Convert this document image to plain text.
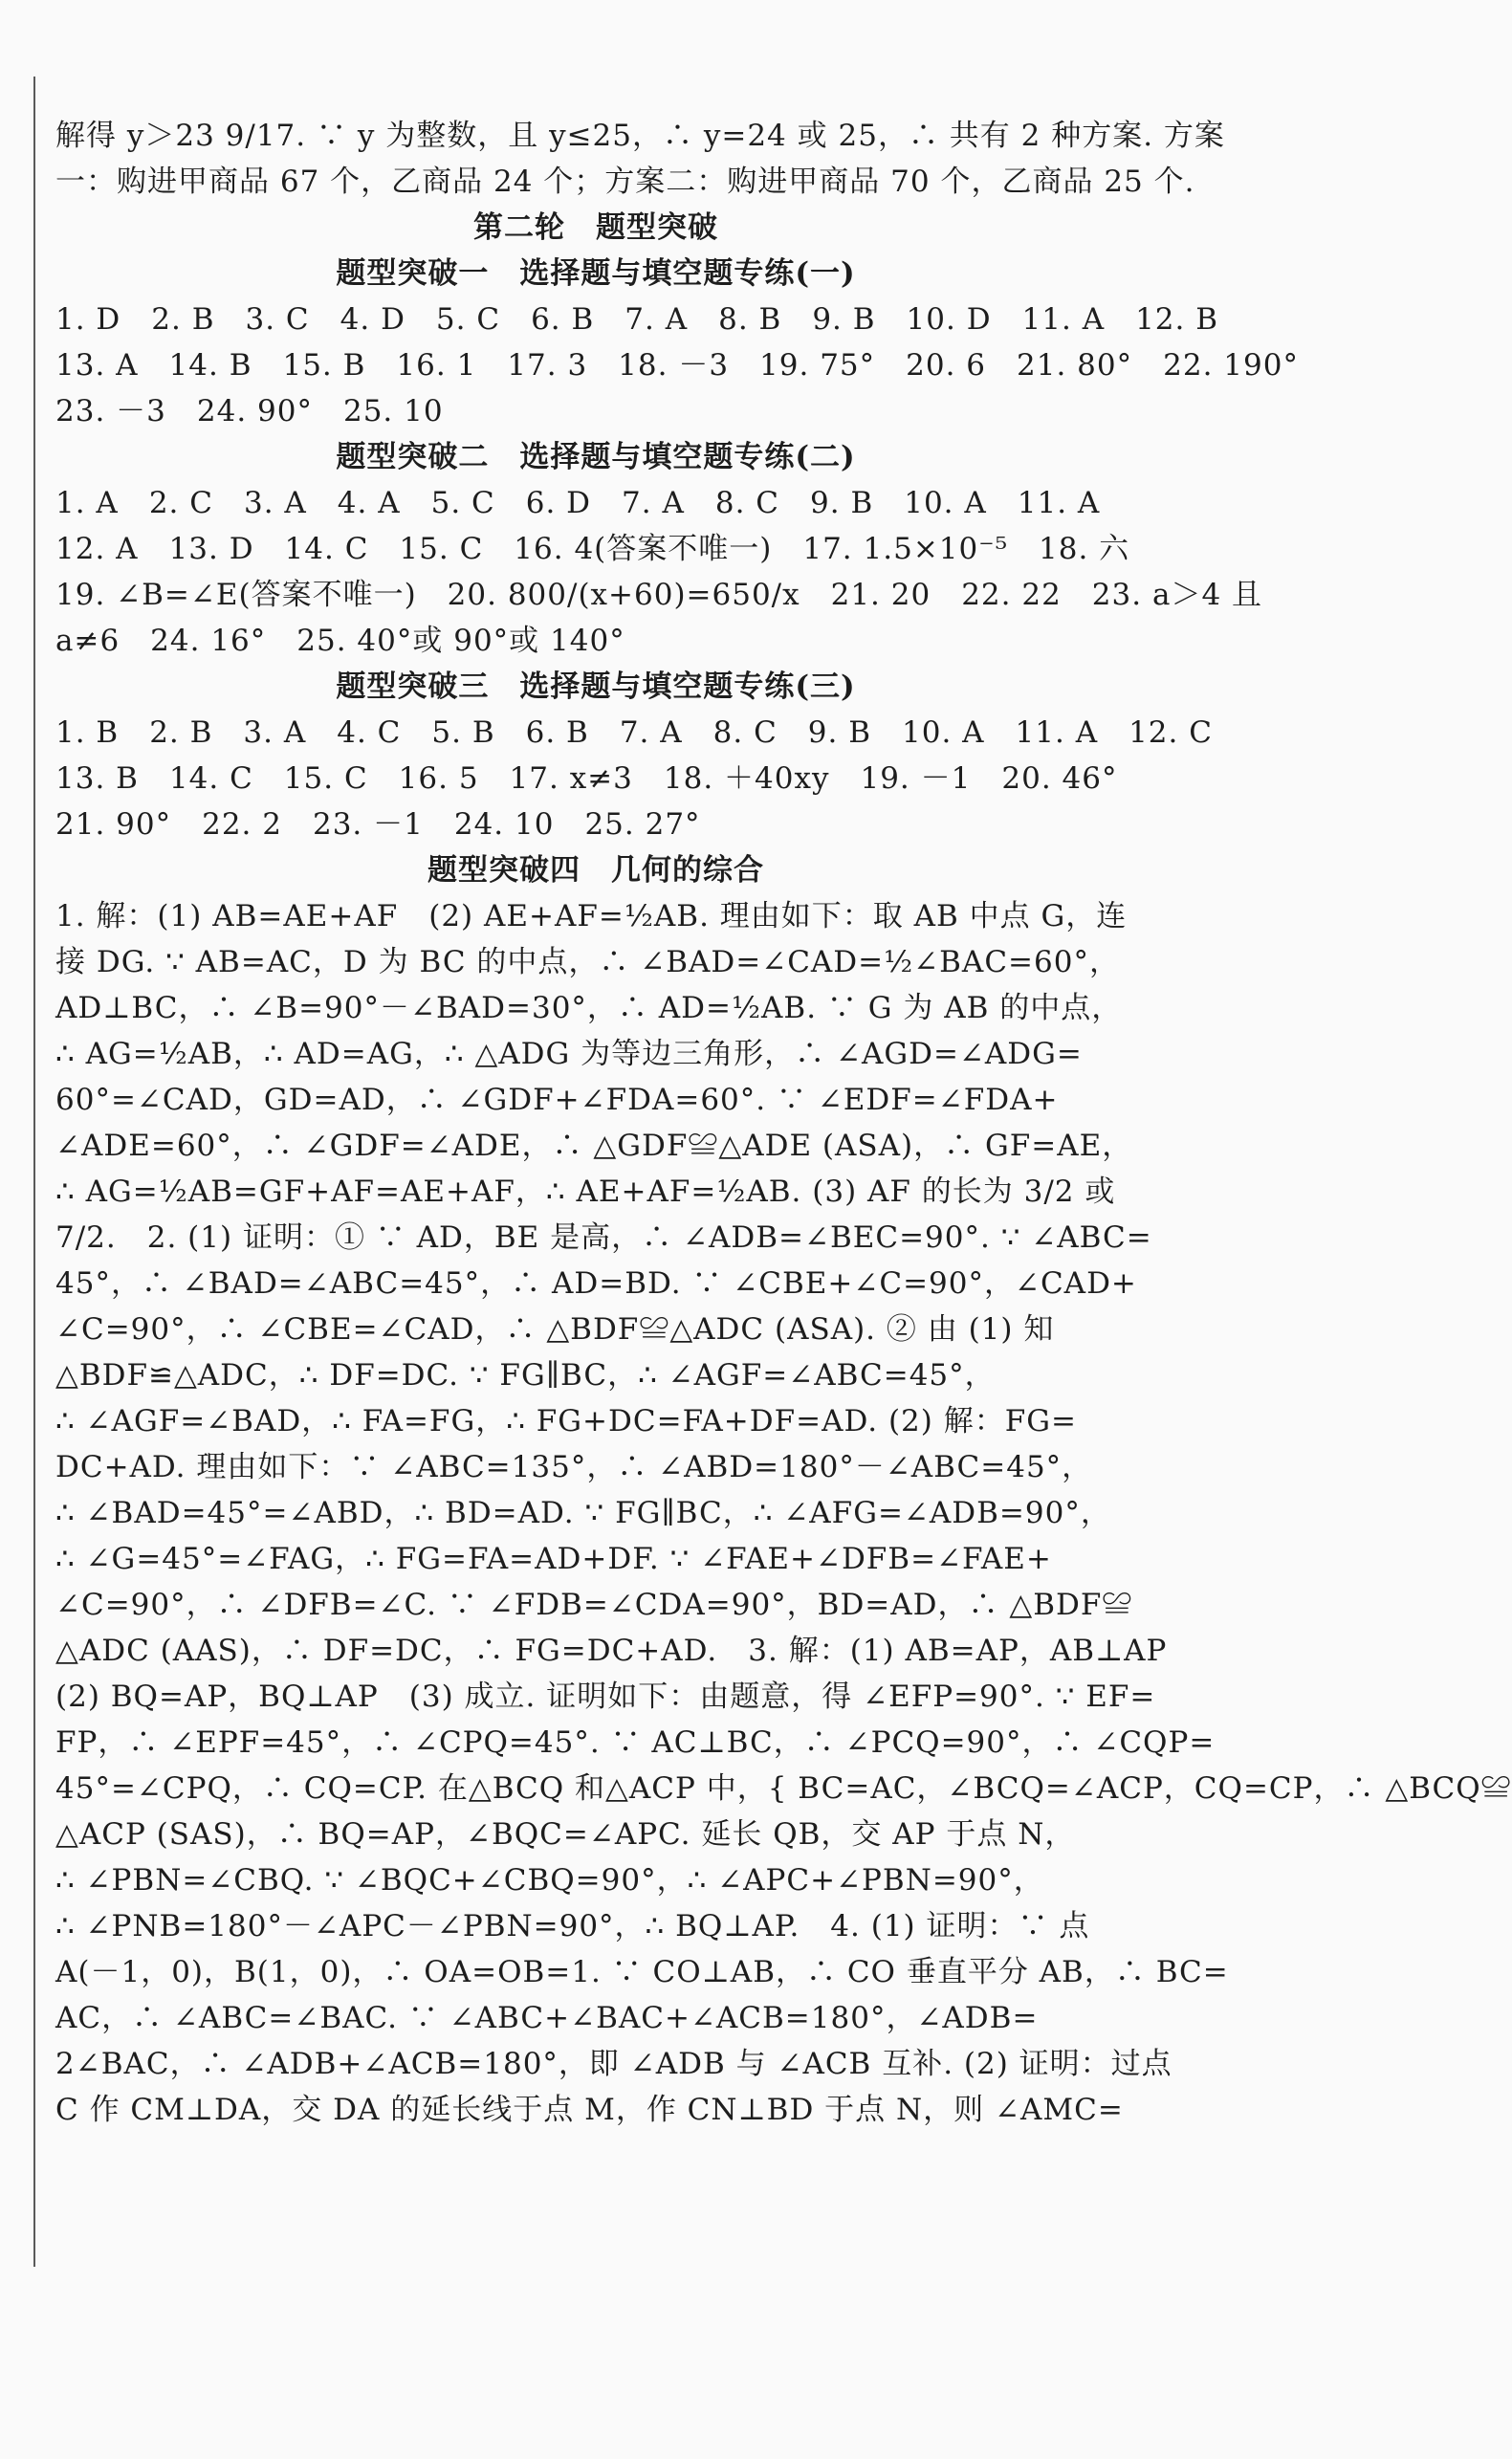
解得 y＞23 9/17. ∵ y 为整数，且 y≤25，∴ y=24 或 25，∴ 共有 2 种方案. 方案
一：购进甲商品 67 个，乙商品 24 个；方案二：购进甲商品 70 个，乙商品 25 个.
第二轮　题型突破
题型突破一　选择题与填空题专练(一)
1. D　2. B　3. C　4. D　5. C　6. B　7. A　8. B　9. B　10. D　11. A　12. B
13. A　14. B　15. B　16. 1　17. 3　18. －3　19. 75°　20. 6　21. 80°　22. 190°
23. －3　24. 90°　25. 10
题型突破二　选择题与填空题专练(二)
1. A　2. C　3. A　4. A　5. C　6. D　7. A　8. C　9. B　10. A　11. A
12. A　13. D　14. C　15. C　16. 4(答案不唯一)　17. 1.5×10⁻⁵　18. 六
19. ∠B=∠E(答案不唯一)　20. 800/(x+60)=650/x　21. 20　22. 22　23. a＞4 且
a≠6　24. 16°　25. 40°或 90°或 140°
题型突破三　选择题与填空题专练(三)
1. B　2. B　3. A　4. C　5. B　6. B　7. A　8. C　9. B　10. A　11. A　12. C
13. B　14. C　15. C　16. 5　17. x≠3　18. ＋40xy　19. －1　20. 46°
21. 90°　22. 2　23. －1　24. 10　25. 27°
题型突破四　几何的综合
1. 解：(1) AB=AE+AF　(2) AE+AF=½AB. 理由如下：取 AB 中点 G，连
接 DG. ∵ AB=AC，D 为 BC 的中点，∴ ∠BAD=∠CAD=½∠BAC=60°，
AD⊥BC，∴ ∠B=90°－∠BAD=30°，∴ AD=½AB. ∵ G 为 AB 的中点，
∴ AG=½AB，∴ AD=AG，∴ △ADG 为等边三角形，∴ ∠AGD=∠ADG=
60°=∠CAD，GD=AD，∴ ∠GDF+∠FDA=60°. ∵ ∠EDF=∠FDA+
∠ADE=60°，∴ ∠GDF=∠ADE，∴ △GDF≌△ADE (ASA)，∴ GF=AE，
∴ AG=½AB=GF+AF=AE+AF，∴ AE+AF=½AB. (3) AF 的长为 3/2 或
7/2.　2. (1) 证明：① ∵ AD，BE 是高，∴ ∠ADB=∠BEC=90°. ∵ ∠ABC=
45°，∴ ∠BAD=∠ABC=45°，∴ AD=BD. ∵ ∠CBE+∠C=90°，∠CAD+
∠C=90°，∴ ∠CBE=∠CAD，∴ △BDF≌△ADC (ASA). ② 由 (1) 知
△BDF≌△ADC，∴ DF=DC. ∵ FG∥BC，∴ ∠AGF=∠ABC=45°，
∴ ∠AGF=∠BAD，∴ FA=FG，∴ FG+DC=FA+DF=AD. (2) 解：FG=
DC+AD. 理由如下：∵ ∠ABC=135°，∴ ∠ABD=180°－∠ABC=45°，
∴ ∠BAD=45°=∠ABD，∴ BD=AD. ∵ FG∥BC，∴ ∠AFG=∠ADB=90°，
∴ ∠G=45°=∠FAG，∴ FG=FA=AD+DF. ∵ ∠FAE+∠DFB=∠FAE+
∠C=90°，∴ ∠DFB=∠C. ∵ ∠FDB=∠CDA=90°，BD=AD，∴ △BDF≌
△ADC (AAS)，∴ DF=DC，∴ FG=DC+AD.　3. 解：(1) AB=AP，AB⊥AP
(2) BQ=AP，BQ⊥AP　(3) 成立. 证明如下：由题意，得 ∠EFP=90°. ∵ EF=
FP，∴ ∠EPF=45°，∴ ∠CPQ=45°. ∵ AC⊥BC，∴ ∠PCQ=90°，∴ ∠CQP=
45°=∠CPQ，∴ CQ=CP. 在△BCQ 和△ACP 中，{ BC=AC，∠BCQ=∠ACP，CQ=CP，∴ △BCQ≌
△ACP (SAS)，∴ BQ=AP，∠BQC=∠APC. 延长 QB，交 AP 于点 N，
∴ ∠PBN=∠CBQ. ∵ ∠BQC+∠CBQ=90°，∴ ∠APC+∠PBN=90°，
∴ ∠PNB=180°－∠APC－∠PBN=90°，∴ BQ⊥AP.　4. (1) 证明：∵ 点
A(－1，0)，B(1，0)，∴ OA=OB=1. ∵ CO⊥AB，∴ CO 垂直平分 AB，∴ BC=
AC，∴ ∠ABC=∠BAC. ∵ ∠ABC+∠BAC+∠ACB=180°，∠ADB=
2∠BAC，∴ ∠ADB+∠ACB=180°，即 ∠ADB 与 ∠ACB 互补. (2) 证明：过点
C 作 CM⊥DA，交 DA 的延长线于点 M，作 CN⊥BD 于点 N，则 ∠AMC=
